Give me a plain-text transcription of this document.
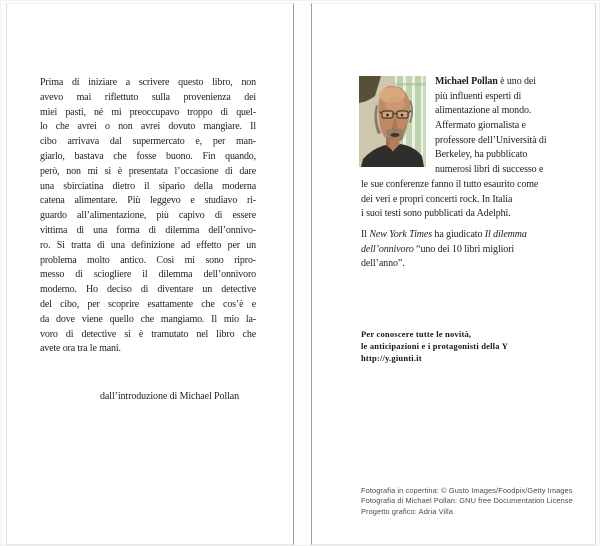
Prima di iniziare a scrivere questo libro, non
avevo mai riflettuto sulla provenienza dei
miei pasti, né mi preoccupavo troppo di quel-
lo che avrei o non avrei dovuto mangiare. Il
cibo arrivava dal supermercato e, per man-
giarlo, bastava che fosse buono. Fin quando,
però, non mi si è presentata l’occasione di dare
una sbirciatina dietro il sipario della moderna
catena alimentare. Più leggevo e studiavo ri-
guardo all’alimentazione, più capivo di essere
vittima di una forma di dilemma dell’onnivo-
ro. Si tratta di una definizione ad effetto per un
problema molto antico. Così mi sono ripro-
messo di sciogliere il dilemma dell’onnivoro
moderno. Ho deciso di diventare un detective
del cibo, per scoprire esattamente che cos’è e
da dove viene quello che mangiamo. Il mio la-
voro di detective si è tramutato nel libro che
avete ora tra le mani.
dall’introduzione di Michael Pollan
Michael Pollan è uno dei
più influenti esperti di
alimentazione al mondo.
Affermato giornalista e
professore dell’Università di
Berkeley, ha pubblicato
numerosi libri di successo e
le sue conferenze fanno il tutto esaurito come
dei veri e propri concerti rock. In Italia
i suoi testi sono pubblicati da Adelphi.
Il New York Times ha giudicato Il dilemma
dell’onnivoro “uno dei 10 libri migliori
dell’anno”.
Per conoscere tutte le novità,
le anticipazioni e i protagonisti della Y
http://y.giunti.it
Fotografia in copertina: © Gusto Images/Foodpix/Getty Images
Fotografia di Michael Pollan: GNU free Documentation License
Progetto grafico: Adria Villa
